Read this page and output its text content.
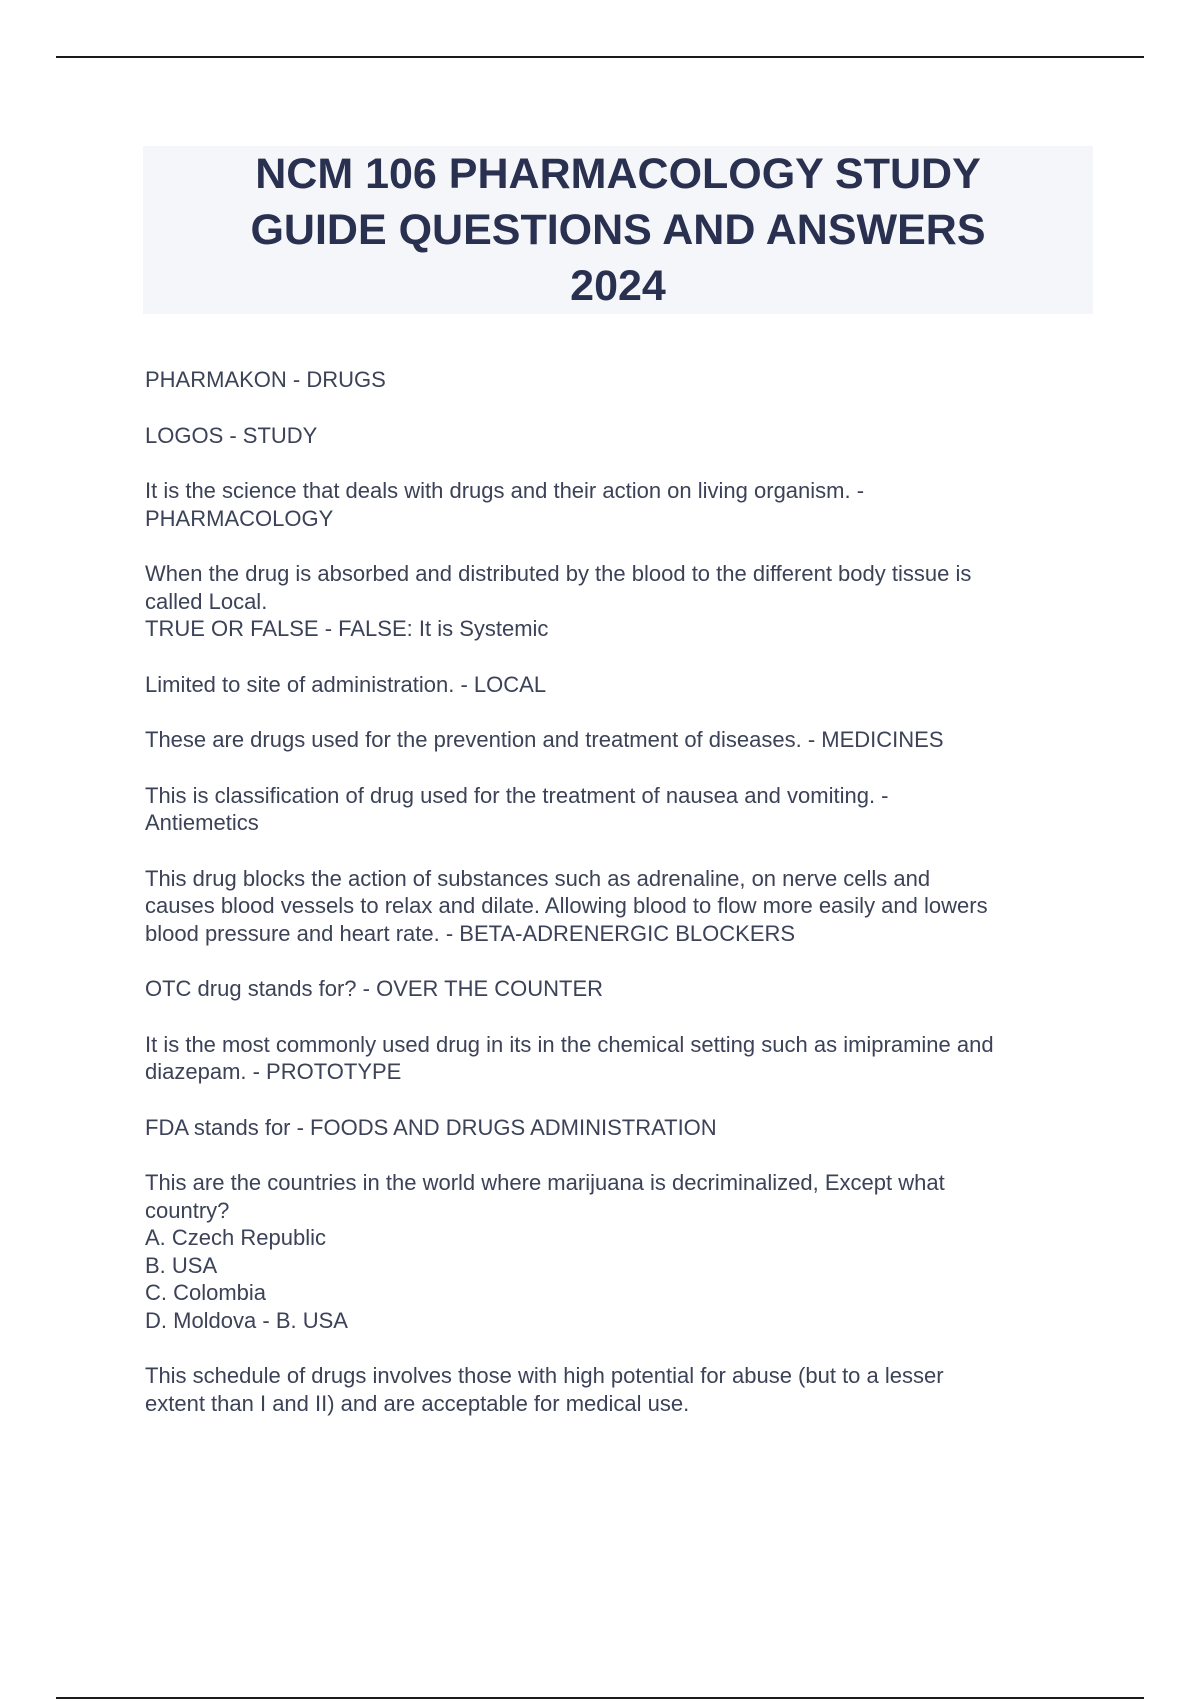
NCM 106 PHARMACOLOGY STUDY
GUIDE QUESTIONS AND ANSWERS
2024

PHARMAKON - DRUGS

LOGOS - STUDY

It is the science that deals with drugs and their action on living organism. -
PHARMACOLOGY

When the drug is absorbed and distributed by the blood to the different body tissue is
called Local.
TRUE OR FALSE - FALSE: It is Systemic

Limited to site of administration. - LOCAL

These are drugs used for the prevention and treatment of diseases. - MEDICINES

This is classification of drug used for the treatment of nausea and vomiting. -
Antiemetics

This drug blocks the action of substances such as adrenaline, on nerve cells and
causes blood vessels to relax and dilate. Allowing blood to flow more easily and lowers
blood pressure and heart rate. - BETA-ADRENERGIC BLOCKERS

OTC drug stands for? - OVER THE COUNTER

It is the most commonly used drug in its in the chemical setting such as imipramine and
diazepam. - PROTOTYPE

FDA stands for - FOODS AND DRUGS ADMINISTRATION

This are the countries in the world where marijuana is decriminalized, Except what
country?
A. Czech Republic
B. USA
C. Colombia
D. Moldova - B. USA

This schedule of drugs involves those with high potential for abuse (but to a lesser
extent than I and II) and are acceptable for medical use.
